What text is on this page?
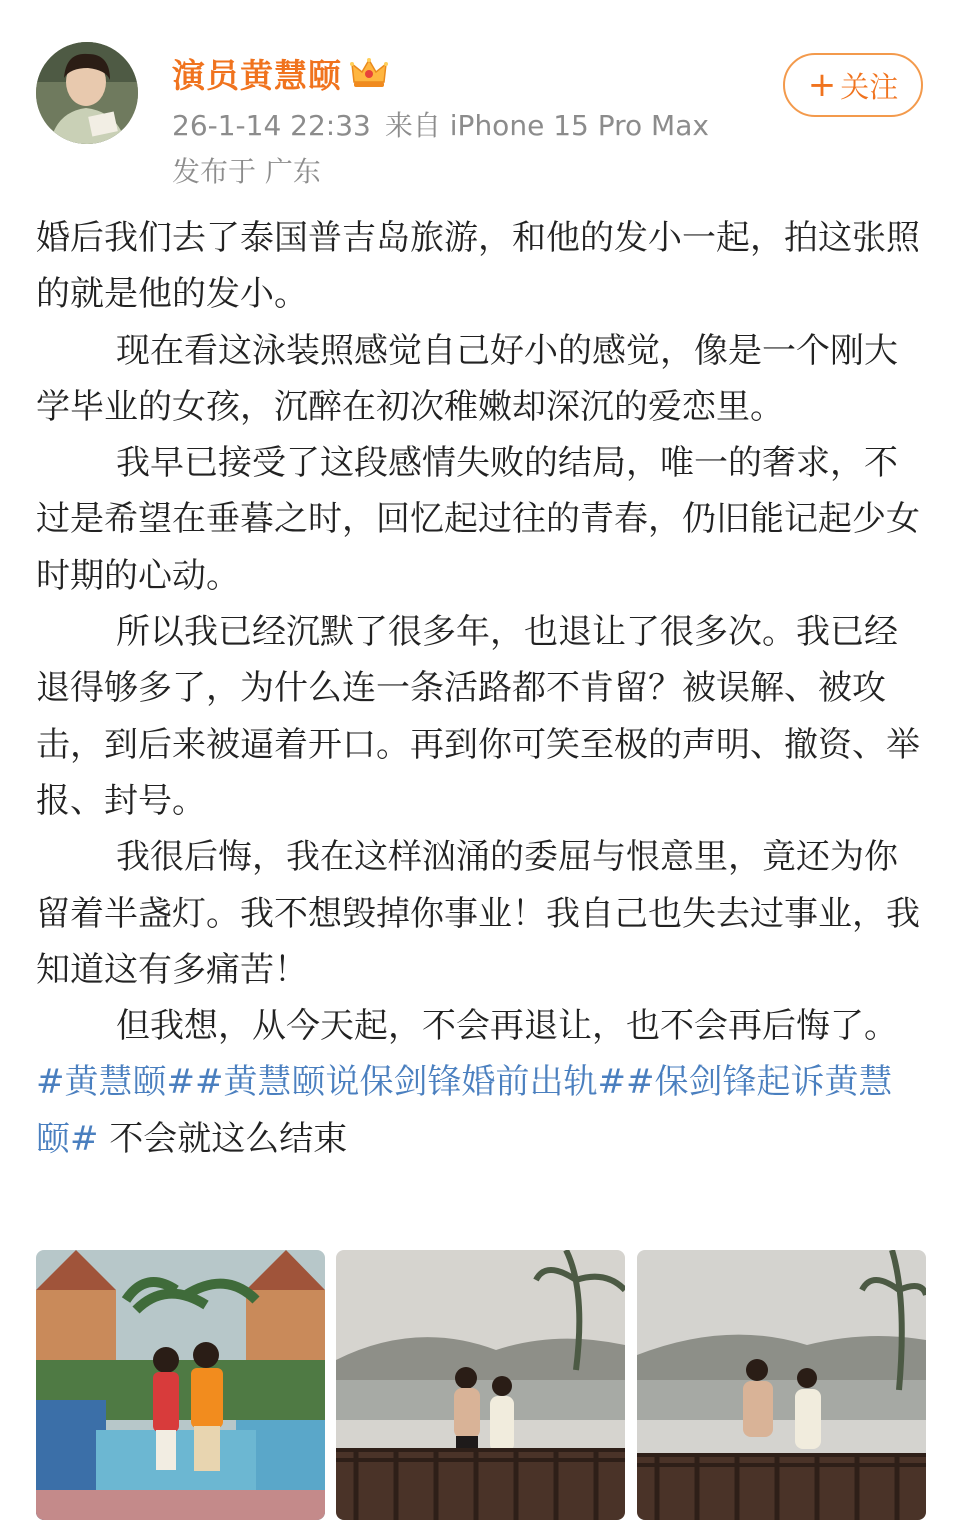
演员黄慧颐
26-1-14 22:33 来自 iPhone 15 Pro Max
发布于 广东
+ 关注

婚后我们去了泰国普吉岛旅游，和他的发小一起，拍这张照的就是他的发小。

现在看这泳装照感觉自己好小的感觉，像是一个刚大学毕业的女孩，沉醉在初次稚嫩却深沉的爱恋里。

我早已接受了这段感情失败的结局，唯一的奢求，不过是希望在垂暮之时，回忆起过往的青春，仍旧能记起少女时期的心动。

所以我已经沉默了很多年，也退让了很多次。我已经退得够多了，为什么连一条活路都不肯留？被误解、被攻击，到后来被逼着开口。再到你可笑至极的声明、撤资、举报、封号。

我很后悔，我在这样汹涌的委屈与恨意里，竟还为你留着半盏灯。我不想毁掉你事业！我自己也失去过事业，我知道这有多痛苦！

但我想，从今天起，不会再退让，也不会再后悔了。 #黄慧颐##黄慧颐说保剑锋婚前出轨##保剑锋起诉黄慧颐# 不会就这么结束
